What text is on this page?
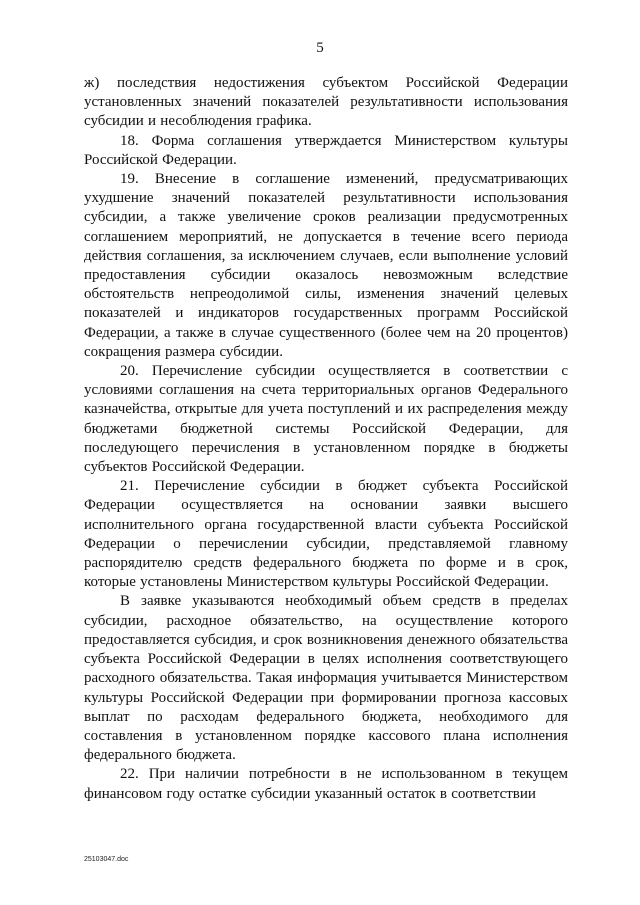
5

ж) последствия недостижения субъектом Российской Федерации установленных значений показателей результативности использования субсидии и несоблюдения графика.

18. Форма соглашения утверждается Министерством культуры Российской Федерации.

19. Внесение в соглашение изменений, предусматривающих ухудшение значений показателей результативности использования субсидии, а также увеличение сроков реализации предусмотренных соглашением мероприятий, не допускается в течение всего периода действия соглашения, за исключением случаев, если выполнение условий предоставления субсидии оказалось невозможным вследствие обстоятельств непреодолимой силы, изменения значений целевых показателей и индикаторов государственных программ Российской Федерации, а также в случае существенного (более чем на 20 процентов) сокращения размера субсидии.

20. Перечисление субсидии осуществляется в соответствии с условиями соглашения на счета территориальных органов Федерального казначейства, открытые для учета поступлений и их распределения между бюджетами бюджетной системы Российской Федерации, для последующего перечисления в установленном порядке в бюджеты субъектов Российской Федерации.

21. Перечисление субсидии в бюджет субъекта Российской Федерации осуществляется на основании заявки высшего исполнительного органа государственной власти субъекта Российской Федерации о перечислении субсидии, представляемой главному распорядителю средств федерального бюджета по форме и в срок, которые установлены Министерством культуры Российской Федерации.

В заявке указываются необходимый объем средств в пределах субсидии, расходное обязательство, на осуществление которого предоставляется субсидия, и срок возникновения денежного обязательства субъекта Российской Федерации в целях исполнения соответствующего расходного обязательства. Такая информация учитывается Министерством культуры Российской Федерации при формировании прогноза кассовых выплат по расходам федерального бюджета, необходимого для составления в установленном порядке кассового плана исполнения федерального бюджета.

22. При наличии потребности в не использованном в текущем финансовом году остатке субсидии указанный остаток в соответствии

25103047.doc
